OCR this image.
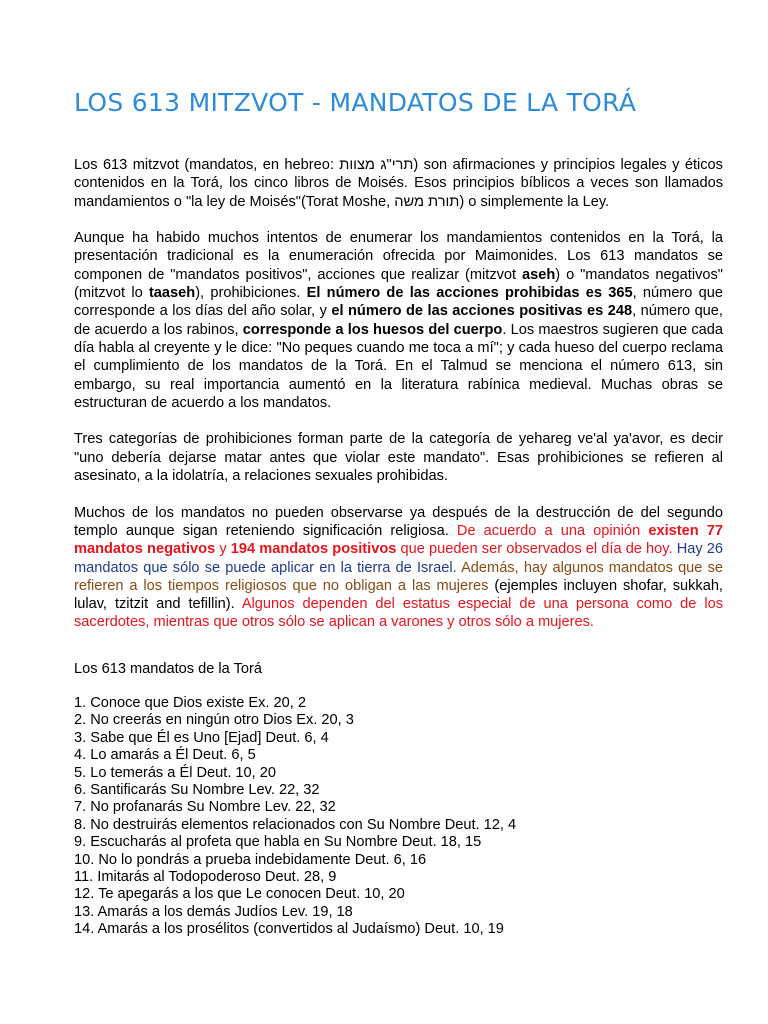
LOS 613 MITZVOT - MANDATOS DE LA TORÁ

Los 613 mitzvot (mandatos, en hebreo: תרי"ג מצוות) son afirmaciones y principios legales y éticos contenidos en la Torá, los cinco libros de Moisés. Esos principios bíblicos a veces son llamados mandamientos o "la ley de Moisés"(Torat Moshe, תורת משה) o simplemente la Ley.

Aunque ha habido muchos intentos de enumerar los mandamientos contenidos en la Torá, la presentación tradicional es la enumeración ofrecida por Maimonides. Los 613 mandatos se componen de "mandatos positivos", acciones que realizar (mitzvot aseh) o "mandatos negativos"(mitzvot lo taaseh), prohibiciones. El número de las acciones prohibidas es 365, número que corresponde a los días del año solar, y el número de las acciones positivas es 248, número que, de acuerdo a los rabinos, corresponde a los huesos del cuerpo. Los maestros sugieren que cada día habla al creyente y le dice: "No peques cuando me toca a mí"; y cada hueso del cuerpo reclama el cumplimiento de los mandatos de la Torá. En el Talmud se menciona el número 613, sin embargo, su real importancia aumentó en la literatura rabínica medieval. Muchas obras se estructuran de acuerdo a los mandatos.

Tres categorías de prohibiciones forman parte de la categoría de yehareg ve'al ya'avor, es decir "uno debería dejarse matar antes que violar este mandato". Esas prohibiciones se refieren al asesinato, a la idolatría, a relaciones sexuales prohibidas.

Muchos de los mandatos no pueden observarse ya después de la destrucción de del segundo templo aunque sigan reteniendo significación religiosa. De acuerdo a una opinión existen 77 mandatos negativos y 194 mandatos positivos que pueden ser observados el día de hoy. Hay 26 mandatos que sólo se puede aplicar en la tierra de Israel. Además, hay algunos mandatos que se refieren a los tiempos religiosos que no obligan a las mujeres (ejemples incluyen shofar, sukkah, lulav, tzitzit and tefillin). Algunos dependen del estatus especial de una persona como de los sacerdotes, mientras que otros sólo se aplican a varones y otros sólo a mujeres.

Los 613 mandatos de la Torá

1. Conoce que Dios existe Ex. 20, 2
2. No creerás en ningún otro Dios Ex. 20, 3
3. Sabe que Él es Uno [Ejad] Deut. 6, 4
4. Lo amarás a Él Deut. 6, 5
5. Lo temerás a Él Deut. 10, 20
6. Santificarás Su Nombre Lev. 22, 32
7. No profanarás Su Nombre Lev. 22, 32
8. No destruirás elementos relacionados con Su Nombre Deut. 12, 4
9. Escucharás al profeta que habla en Su Nombre Deut. 18, 15
10. No lo pondrás a prueba indebidamente Deut. 6, 16
11. Imitarás al Todopoderoso Deut. 28, 9
12. Te apegarás a los que Le conocen Deut. 10, 20
13. Amarás a los demás Judíos Lev. 19, 18
14. Amarás a los prosélitos (convertidos al Judaísmo) Deut. 10, 19
